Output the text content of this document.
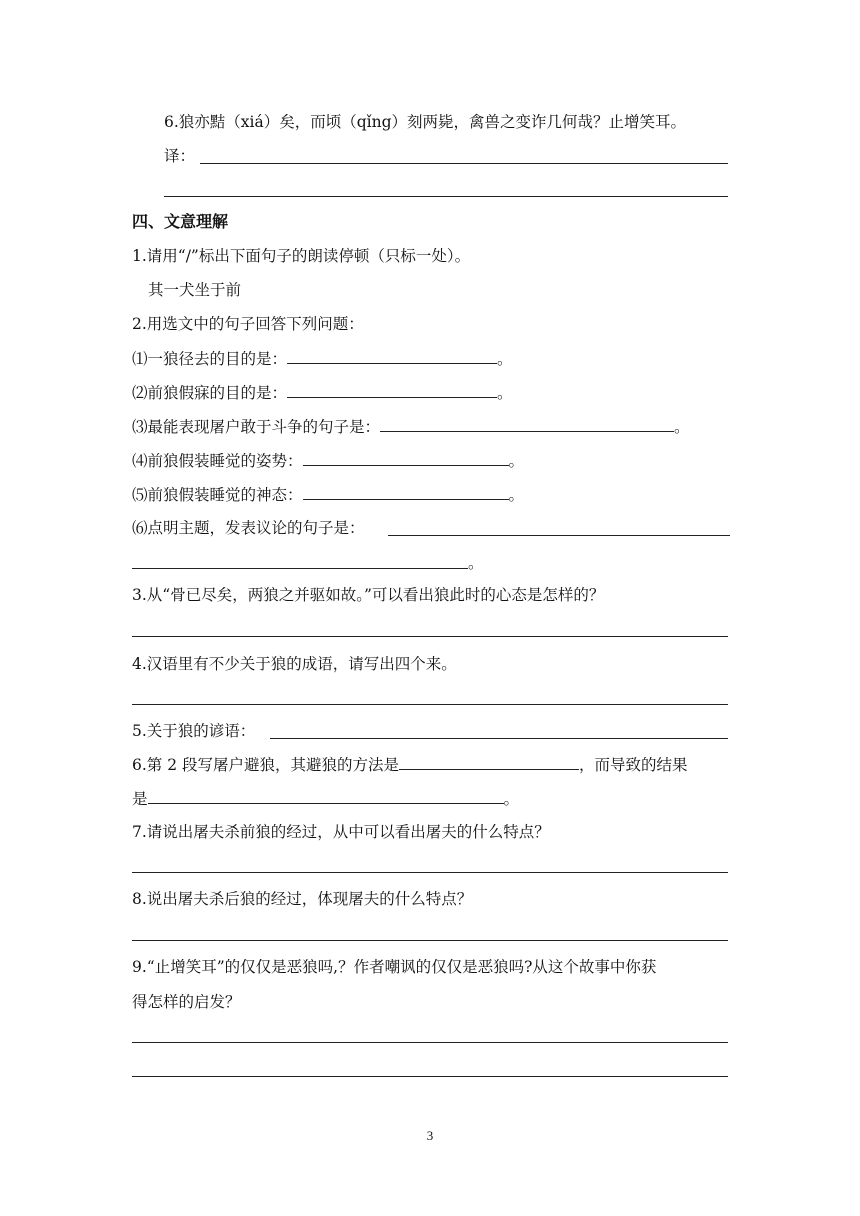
6.狼亦黠（xiá）矣，而顷（qǐng）刻两毙，禽兽之变诈几何哉？止增笑耳。
译：
四、文意理解
1.请用“/”标出下面句子的朗读停顿（只标一处）。
其一犬坐于前
2.用选文中的句子回答下列问题：
⑴一狼径去的目的是：	。
⑵前狼假寐的目的是：	。
⑶最能表现屠户敢于斗争的句子是：	。
⑷前狼假装睡觉的姿势：	。
⑸前狼假装睡觉的神态：	。
⑹点明主题，发表议论的句子是：
。
3.从“骨已尽矣，两狼之并驱如故。”可以看出狼此时的心态是怎样的？
4.汉语里有不少关于狼的成语，请写出四个来。
5.关于狼的谚语：
6.第 2 段写屠户避狼，其避狼的方法是	，而导致的结果
是	。
7.请说出屠夫杀前狼的经过，从中可以看出屠夫的什么特点？
8.说出屠夫杀后狼的经过，体现屠夫的什么特点？
9.“止增笑耳”的仅仅是恶狼吗,？作者嘲讽的仅仅是恶狼吗?从这个故事中你获
得怎样的启发？
3
